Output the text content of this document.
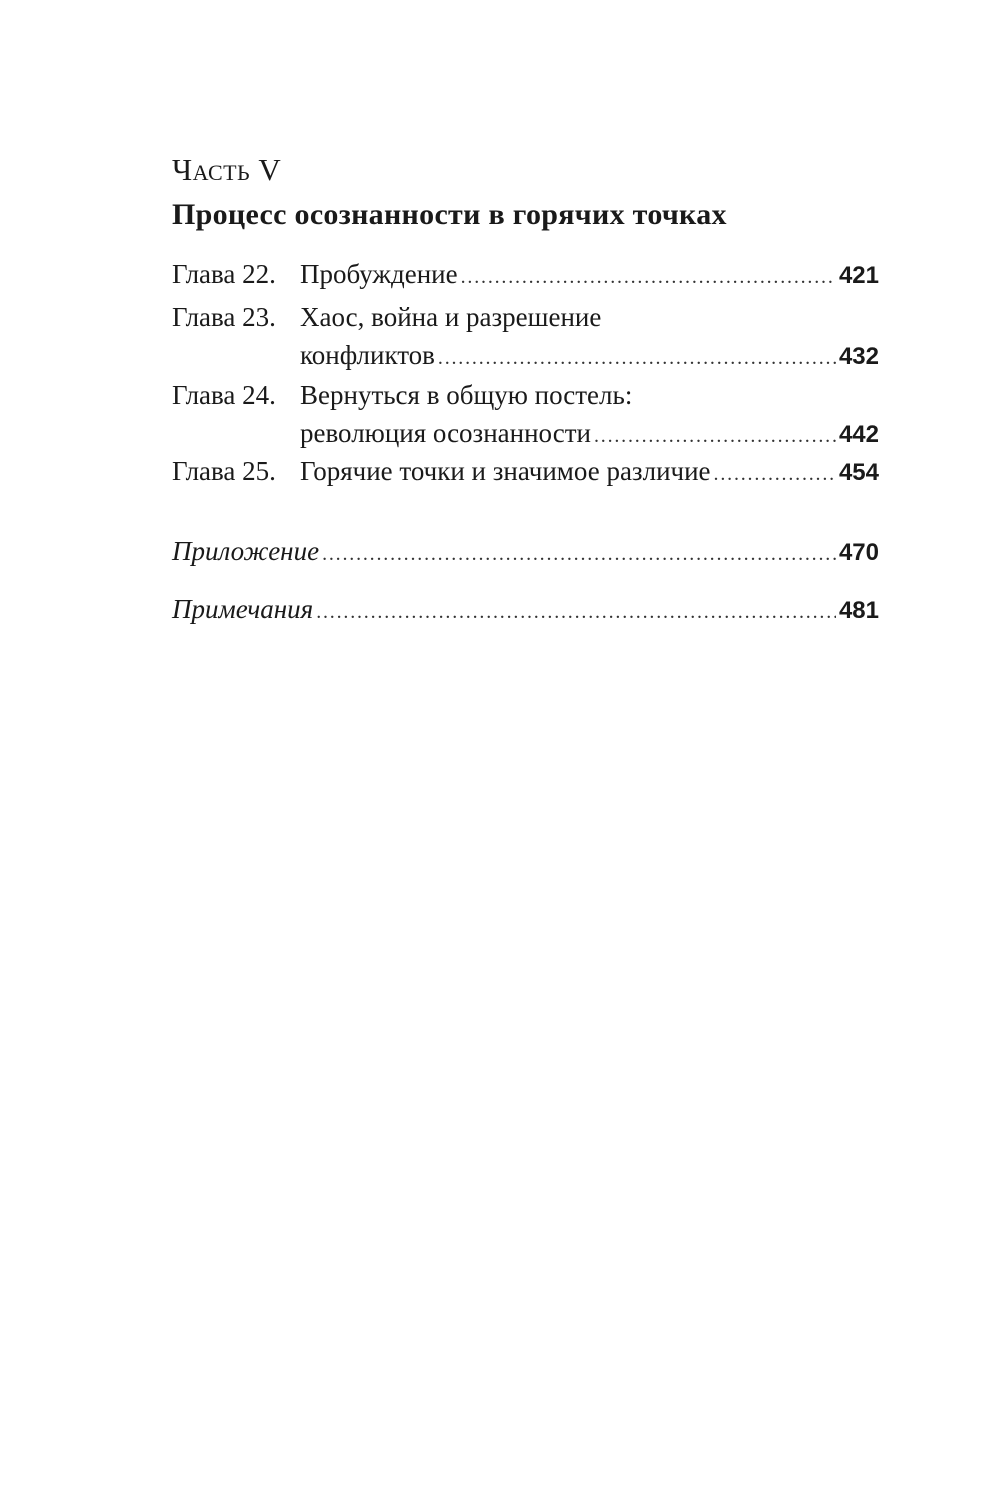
Часть V
Процесс осознанности в горячих точках
Глава 22. Пробуждение . . .	421
Глава 23. Хаос, война и разрешение
конфликтов . . .	432
Глава 24. Вернуться в общую постель:
революция осознанности . . .	442
Глава 25. Горячие точки и значимое различие . . .	454
Приложение . . .	470
Примечания . . .	481
